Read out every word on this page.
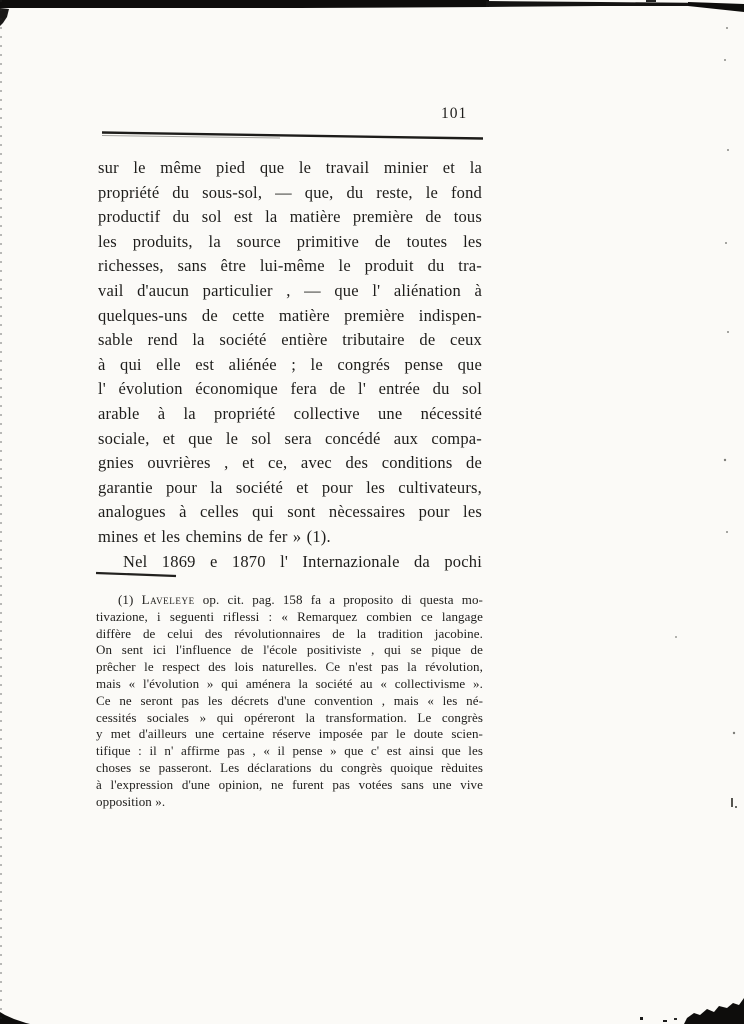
101
sur le même pied que le travail minier et la
propriété du sous-sol, — que, du reste, le fond
productif du sol est la matière première de tous
les produits, la source primitive de toutes les
richesses, sans être lui-même le produit du tra-
vail d'aucun particulier , — que l' aliénation à
quelques-uns de cette matière première indispen-
sable rend la société entière tributaire de ceux
à qui elle est aliénée ; le congrés pense que
l' évolution économique fera de l' entrée du sol
arable à la propriété collective une nécessité
sociale, et que le sol sera concédé aux compa-
gnies ouvrières , et ce, avec des conditions de
garantie pour la société et pour les cultivateurs,
analogues à celles qui sont nècessaires pour les
mines et les chemins de fer » (1).
Nel 1869 e 1870 l' Internazionale da pochi
(1) Laveleye op. cit. pag. 158 fa a proposito di questa mo-
tivazione, i seguenti riflessi : « Remarquez combien ce langage
diffère de celui des révolutionnaires de la tradition jacobine.
On sent ici l'influence de l'école positiviste , qui se pique de
prêcher le respect des lois naturelles. Ce n'est pas la révolution,
mais « l'évolution » qui aménera la société au « collectivisme ».
Ce ne seront pas les décrets d'une convention , mais « les né-
cessités sociales » qui opéreront la transformation. Le congrès
y met d'ailleurs une certaine réserve imposée par le doute scien-
tifique : il n' affirme pas , « il pense » que c' est ainsi que les
choses se passeront. Les déclarations du congrès quoique rèduites
à l'expression d'une opinion, ne furent pas votées sans une vive
opposition ».
